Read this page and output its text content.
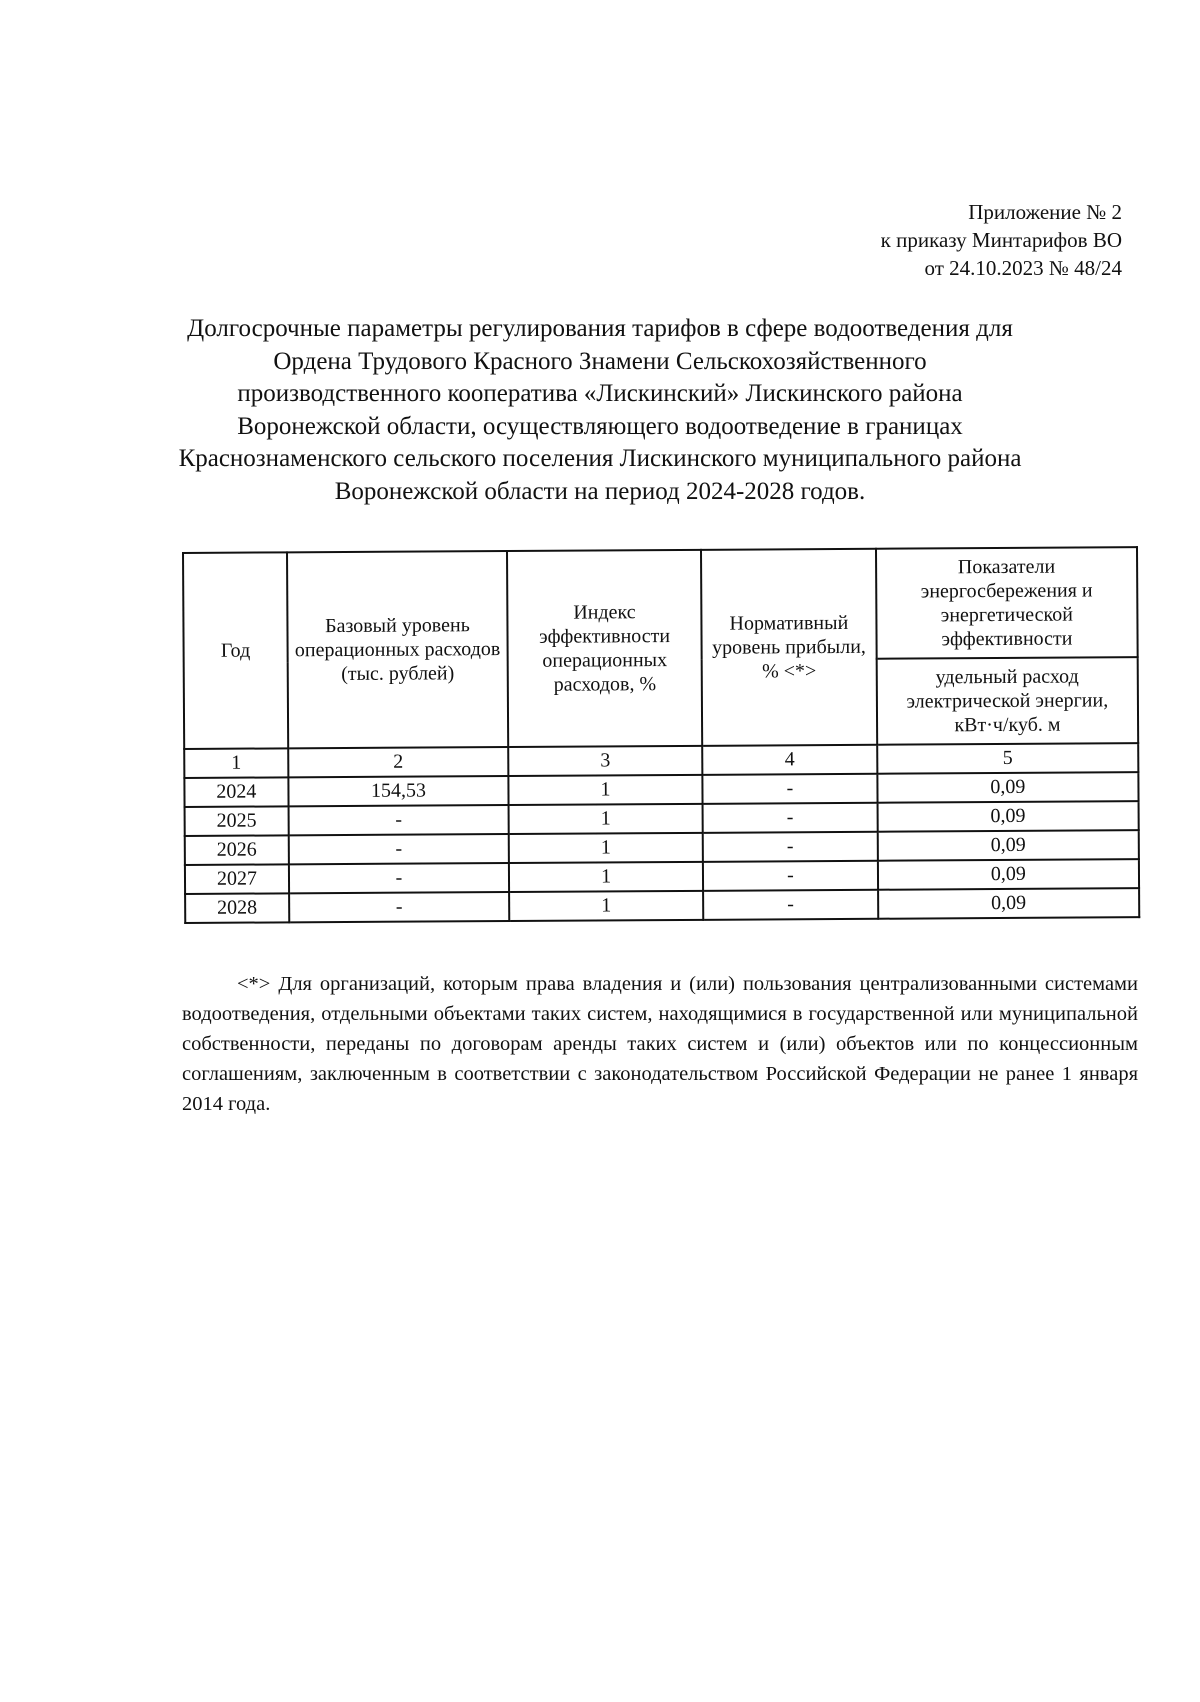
Приложение № 2
к приказу Минтарифов ВО
от 24.10.2023 № 48/24
Долгосрочные параметры регулирования тарифов в сфере водоотведения для
Ордена Трудового Красного Знамени Сельскохозяйственного
производственного кооператива «Лискинский» Лискинского района
Воронежской области, осуществляющего водоотведение в границах
Краснознаменского сельского поселения Лискинского муниципального района
Воронежской области на период 2024-2028 годов.
Год	Базовый уровень операционных расходов (тыс. рублей)	Индекс эффективности операционных расходов, %	Нормативный уровень прибыли, % <*>	Показатели энергосбережения и энергетической эффективности
				удельный расход электрической энергии, кВт·ч/куб. м
1	2	3	4	5
2024	154,53	1	-	0,09
2025	-	1	-	0,09
2026	-	1	-	0,09
2027	-	1	-	0,09
2028	-	1	-	0,09

<*> Для организаций, которым права владения и (или) пользования централизованными системами водоотведения, отдельными объектами таких систем, находящимися в государственной или муниципальной собственности, переданы по договорам аренды таких систем и (или) объектов или по концессионным соглашениям, заключенным в соответствии с законодательством Российской Федерации не ранее 1 января 2014 года.
